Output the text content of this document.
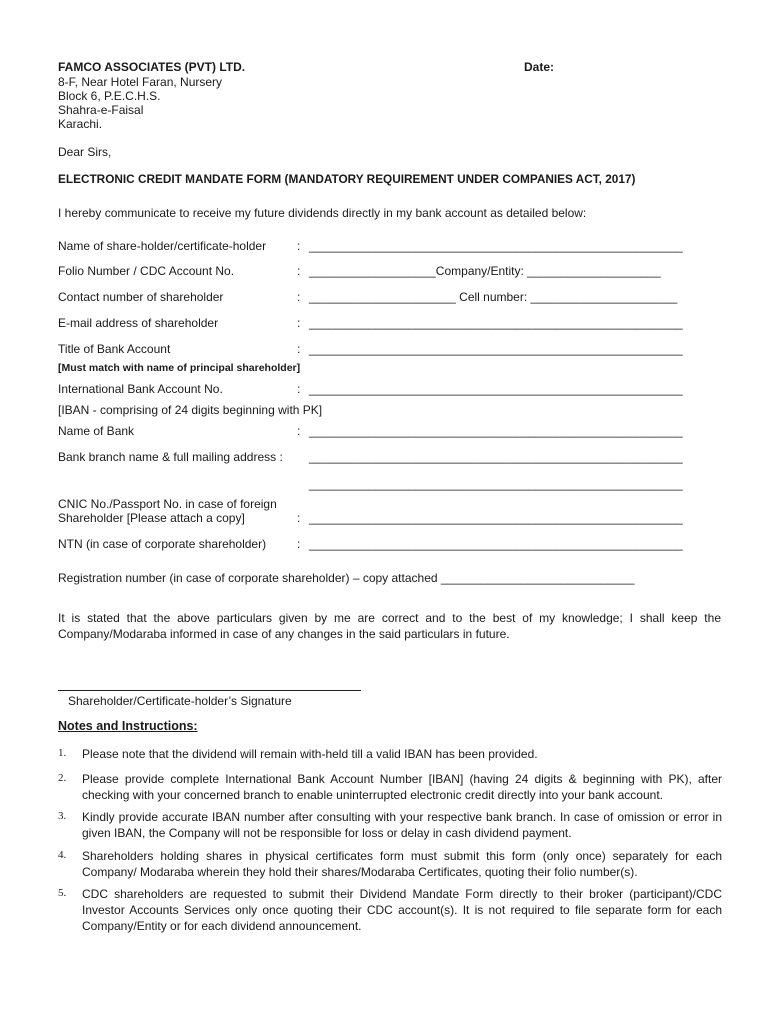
FAMCO ASSOCIATES (PVT) LTD.	Date:
8-F, Near Hotel Faran, Nursery
Block 6, P.E.C.H.S.
Shahra-e-Faisal
Karachi.
Dear Sirs,
ELECTRONIC CREDIT MANDATE FORM (MANDATORY REQUIREMENT UNDER COMPANIES ACT, 2017)
I hereby communicate to receive my future dividends directly in my bank account as detailed below:
Name of share-holder/certificate-holder	: ________________________________________________________
Folio Number / CDC Account No.	: ___________________Company/Entity: ____________________
Contact number of shareholder	: ______________________ Cell number: ______________________
E-mail address of shareholder	: ________________________________________________________
Title of Bank Account	: ________________________________________________________
[Must match with name of principal shareholder]
International Bank Account No.	: ________________________________________________________
[IBAN - comprising of 24 digits beginning with PK]
Name of Bank	: ________________________________________________________
Bank branch name & full mailing address : ________________________________________________________
________________________________________________________
CNIC No./Passport No. in case of foreign
Shareholder [Please attach a copy]	: ________________________________________________________
NTN (in case of corporate shareholder)	: ________________________________________________________
Registration number (in case of corporate shareholder) – copy attached _____________________________
It is stated that the above particulars given by me are correct and to the best of my knowledge; I shall keep the Company/Modaraba informed in case of any changes in the said particulars in future.
Shareholder/Certificate-holder’s Signature
Notes and Instructions:
1. Please note that the dividend will remain with-held till a valid IBAN has been provided.
2. Please provide complete International Bank Account Number [IBAN] (having 24 digits & beginning with PK), after checking with your concerned branch to enable uninterrupted electronic credit directly into your bank account.
3. Kindly provide accurate IBAN number after consulting with your respective bank branch. In case of omission or error in given IBAN, the Company will not be responsible for loss or delay in cash dividend payment.
4. Shareholders holding shares in physical certificates form must submit this form (only once) separately for each Company/ Modaraba wherein they hold their shares/Modaraba Certificates, quoting their folio number(s).
5. CDC shareholders are requested to submit their Dividend Mandate Form directly to their broker (participant)/CDC Investor Accounts Services only once quoting their CDC account(s). It is not required to file separate form for each Company/Entity or for each dividend announcement.
